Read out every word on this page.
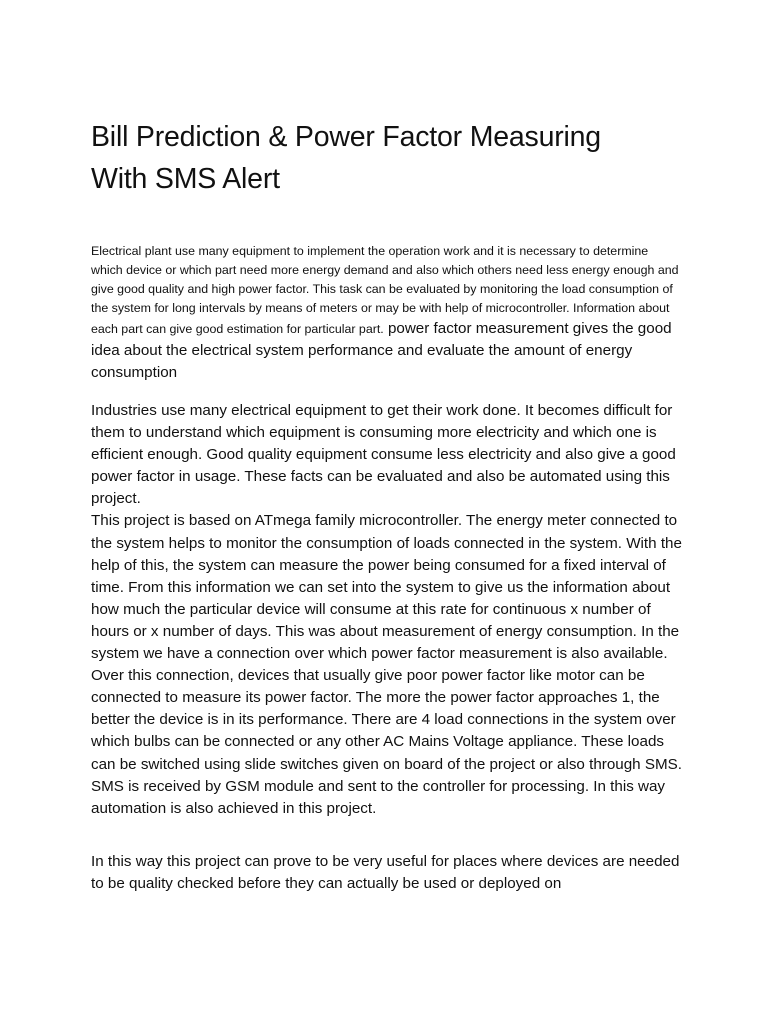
Bill Prediction & Power Factor Measuring
With SMS Alert

Electrical plant use many equipment to implement the operation work and it is necessary to determine which device or which part need more energy demand and also which others need less energy enough and give good quality and high power factor. This task can be evaluated by monitoring the load consumption of the system for long intervals by means of meters or may be with help of microcontroller. Information about each part can give good estimation for particular part. power factor measurement gives the good idea about the electrical system performance and evaluate the amount of energy consumption

Industries use many electrical equipment to get their work done. It becomes difficult for them to understand which equipment is consuming more electricity and which one is efficient enough. Good quality equipment consume less electricity and also give a good power factor in usage. These facts can be evaluated and also be automated using this project.
This project is based on ATmega family microcontroller. The energy meter connected to the system helps to monitor the consumption of loads connected in the system. With the help of this, the system can measure the power being consumed for a fixed interval of time. From this information we can set into the system to give us the information about how much the particular device will consume at this rate for continuous x number of hours or x number of days. This was about measurement of energy consumption. In the system we have a connection over which power factor measurement is also available. Over this connection, devices that usually give poor power factor like motor can be connected to measure its power factor. The more the power factor approaches 1, the better the device is in its performance. There are 4 load connections in the system over which bulbs can be connected or any other AC Mains Voltage appliance. These loads can be switched using slide switches given on board of the project or also through SMS. SMS is received by GSM module and sent to the controller for processing. In this way automation is also achieved in this project.

In this way this project can prove to be very useful for places where devices are needed to be quality checked before they can actually be used or deployed on
